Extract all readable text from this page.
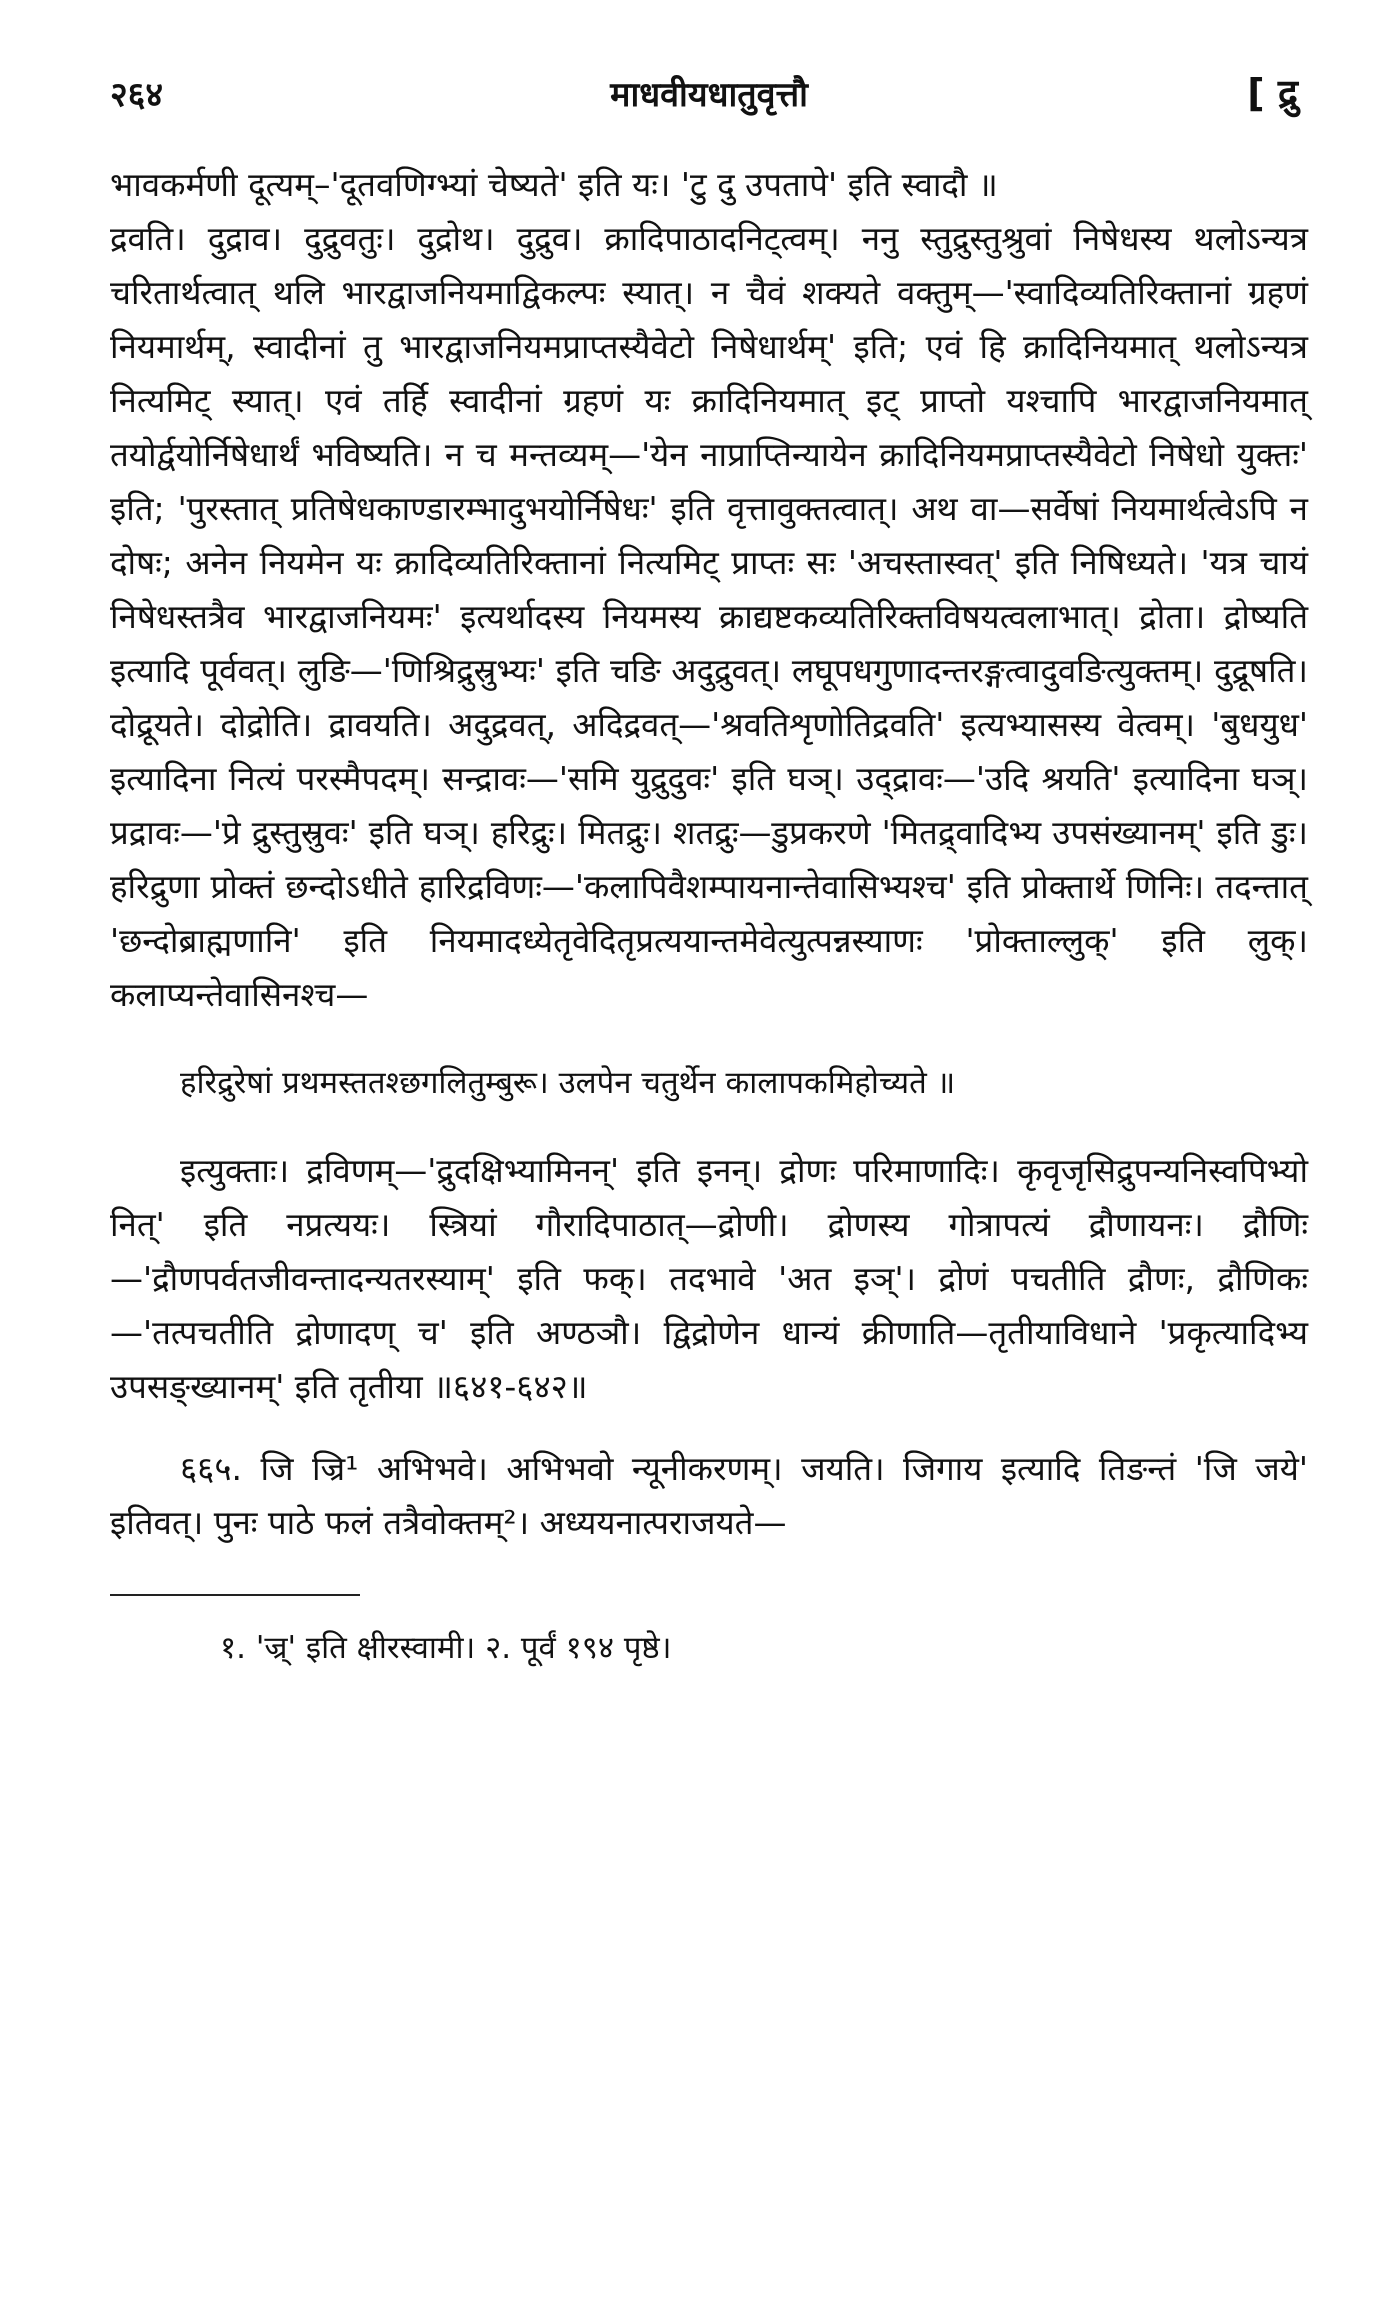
माधवीयधातुवृत्तौ
२६४	[ द्रु

भावकर्मणी दूत्यम्–'दूतवणिग्भ्यां चेष्यते' इति यः। 'टु दु उपतापे' इति स्वादौ ॥

द्रवति। दुद्राव। दुद्रुवतुः। दुद्रोथ। दुद्रुव। क्रादिपाठादनिट्त्वम्। ननु स्तुद्रुस्तुश्रुवां निषेधस्य थलोऽन्यत्र चरितार्थत्वात् थलि भारद्वाजनियमाद्विकल्पः स्यात्। न चैवं शक्यते वक्तुम्—'स्वादिव्यतिरिक्तानां ग्रहणं नियमार्थम्, स्वादीनां तु भारद्वाजनियमप्राप्तस्यैवेटो निषेधार्थम्' इति; एवं हि क्रादिनियमात् थलोऽन्यत्र नित्यमिट् स्यात्। एवं तर्हि स्वादीनां ग्रहणं यः क्रादिनियमात् इट् प्राप्तो यश्चापि भारद्वाजनियमात् तयोर्द्वयोर्निषेधार्थं भविष्यति। न च मन्तव्यम्—'येन नाप्राप्तिन्यायेन क्रादिनियमप्राप्तस्यैवेटो निषेधो युक्तः' इति; 'पुरस्तात् प्रतिषेधकाण्डारम्भादुभयोर्निषेधः' इति वृत्तावुक्तत्वात्। अथ वा—सर्वेषां नियमार्थत्वेऽपि न दोषः; अनेन नियमेन यः क्रादिव्यतिरिक्तानां नित्यमिट् प्राप्तः सः 'अचस्तास्वत्' इति निषिध्यते। 'यत्र चायं निषेधस्तत्रैव भारद्वाजनियमः' इत्यर्थादस्य नियमस्य क्राद्यष्टकव्यतिरिक्तविषयत्वलाभात्। द्रोता। द्रोष्यति इत्यादि पूर्ववत्। लुङि—'णिश्रिद्रुस्रुभ्यः' इति चङि अदुद्रुवत्। लघूपधगुणादन्तरङ्गत्वादुवङित्युक्तम्। दुद्रूषति। दोद्रूयते। दोद्रोति। द्रावयति। अदुद्रवत्, अदिद्रवत्—'श्रवतिशृणोतिद्रवति' इत्यभ्यासस्य वेत्वम्। 'बुधयुध' इत्यादिना नित्यं परस्मैपदम्। सन्द्रावः—'समि युद्रुदुवः' इति घञ्। उद्द्रावः—'उदि श्रयति' इत्यादिना घञ्। प्रद्रावः—'प्रे द्रुस्तुस्रुवः' इति घञ्। हरिद्रुः। मितद्रुः। शतद्रुः—डुप्रकरणे 'मितद्र्वादिभ्य उपसंख्यानम्' इति डुः। हरिद्रुणा प्रोक्तं छन्दोऽधीते हारिद्रविणः—'कलापिवैशम्पायनान्तेवासिभ्यश्च' इति प्रोक्तार्थे णिनिः। तदन्तात् 'छन्दोब्राह्मणानि' इति नियमादध्येतृवेदितृप्रत्ययान्तमेवेत्युत्पन्नस्याणः 'प्रोक्ताल्लुक्' इति लुक्। कलाप्यन्तेवासिनश्च—

हरिद्रुरेषां प्रथमस्ततश्छगलितुम्बुरू। उलपेन चतुर्थेन कालापकमिहोच्यते ॥

इत्युक्ताः। द्रविणम्—'द्रुदक्षिभ्यामिनन्' इति इनन्। द्रोणः परिमाणादिः। कृवृजृसिद्रुपन्यनिस्वपिभ्यो नित्' इति नप्रत्ययः। स्त्रियां गौरादिपाठात्—द्रोणी। द्रोणस्य गोत्रापत्यं द्रौणायनः। द्रौणिः—'द्रौणपर्वतजीवन्तादन्यतरस्याम्' इति फक्। तदभावे 'अत इञ्'। द्रोणं पचतीति द्रौणः, द्रौणिकः—'तत्पचतीति द्रोणादण् च' इति अण्ठञौ। द्विद्रोणेन धान्यं क्रीणाति—तृतीयाविधाने 'प्रकृत्यादिभ्य उपसङ्ख्यानम्' इति तृतीया ॥६४१-६४२॥

६६५. जि ज्रि¹ अभिभवे। अभिभवो न्यूनीकरणम्। जयति। जिगाय इत्यादि तिङन्तं 'जि जये' इतिवत्। पुनः पाठे फलं तत्रैवोक्तम्²। अध्ययनात्पराजयते—

१. 'ज्र्' इति क्षीरस्वामी। २. पूर्वं १९४ पृष्ठे।
